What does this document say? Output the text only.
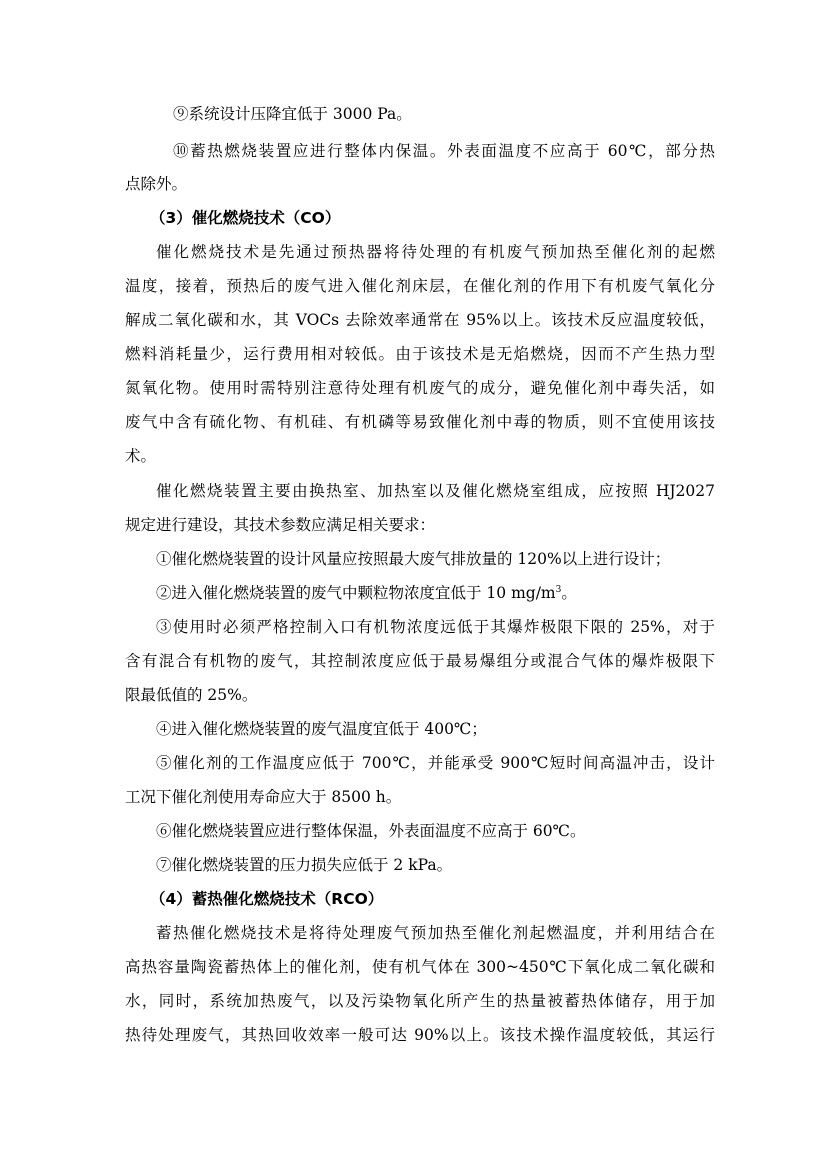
⑨系统设计压降宜低于 3000 Pa。
⑩蓄热燃烧装置应进行整体内保温。外表面温度不应高于 60℃，部分热
点除外。
（3）催化燃烧技术（CO）
催化燃烧技术是先通过预热器将待处理的有机废气预加热至催化剂的起燃
温度，接着，预热后的废气进入催化剂床层，在催化剂的作用下有机废气氧化分
解成二氧化碳和水，其 VOCs 去除效率通常在 95%以上。该技术反应温度较低，
燃料消耗量少，运行费用相对较低。由于该技术是无焰燃烧，因而不产生热力型
氮氧化物。使用时需特别注意待处理有机废气的成分，避免催化剂中毒失活，如
废气中含有硫化物、有机硅、有机磷等易致催化剂中毒的物质，则不宜使用该技
术。
催化燃烧装置主要由换热室、加热室以及催化燃烧室组成，应按照 HJ2027
规定进行建设，其技术参数应满足相关要求：
①催化燃烧装置的设计风量应按照最大废气排放量的 120%以上进行设计；
②进入催化燃烧装置的废气中颗粒物浓度宜低于 10 $mg/m^3$。
③使用时必须严格控制入口有机物浓度远低于其爆炸极限下限的 25%，对于
含有混合有机物的废气，其控制浓度应低于最易爆组分或混合气体的爆炸极限下
限最低值的 25%。
④进入催化燃烧装置的废气温度宜低于 400℃；
⑤催化剂的工作温度应低于 700℃，并能承受 900℃短时间高温冲击，设计
工况下催化剂使用寿命应大于 8500 h。
⑥催化燃烧装置应进行整体保温，外表面温度不应高于 60℃。
⑦催化燃烧装置的压力损失应低于 2 kPa。
（4）蓄热催化燃烧技术（RCO）
蓄热催化燃烧技术是将待处理废气预加热至催化剂起燃温度，并利用结合在
高热容量陶瓷蓄热体上的催化剂，使有机气体在 300~450℃下氧化成二氧化碳和
水，同时，系统加热废气，以及污染物氧化所产生的热量被蓄热体储存，用于加
热待处理废气，其热回收效率一般可达 90%以上。该技术操作温度较低，其运行
